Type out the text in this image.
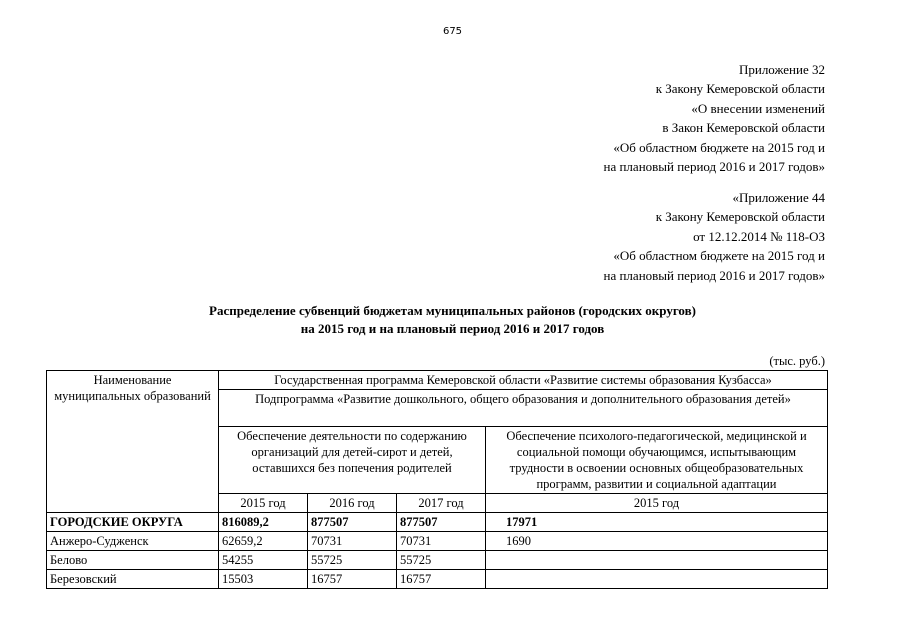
675
Приложение 32
к Закону Кемеровской области
«О внесении изменений
в Закон Кемеровской области
«Об областном бюджете на 2015 год и
на плановый период 2016 и 2017 годов»
«Приложение 44
к Закону Кемеровской области
от 12.12.2014 № 118-ОЗ
«Об областном бюджете на 2015 год и
на плановый период 2016 и 2017 годов»
Распределение субвенций бюджетам муниципальных районов (городских округов)
на 2015 год и на плановый период 2016 и 2017 годов
(тыс. руб.)
Наименование муниципальных образований	Государственная программа Кемеровской области «Развитие системы образования Кузбасса»			
	Подпрограмма «Развитие дошкольного, общего образования и дополнительного образования детей»			
	Обеспечение деятельности по содержанию организаций для детей-сирот и детей, оставшихся без попечения родителей			Обеспечение психолого-педагогической, медицинской и социальной помощи обучающимся, испытывающим трудности в освоении основных общеобразовательных программ, развитии и социальной адаптации
	2015 год	2016 год	2017 год	2015 год
ГОРОДСКИЕ ОКРУГА	816089,2	877507	877507	17971
Анжеро-Судженск	62659,2	70731	70731	1690
Белово	54255	55725	55725	
Березовский	15503	16757	16757	
